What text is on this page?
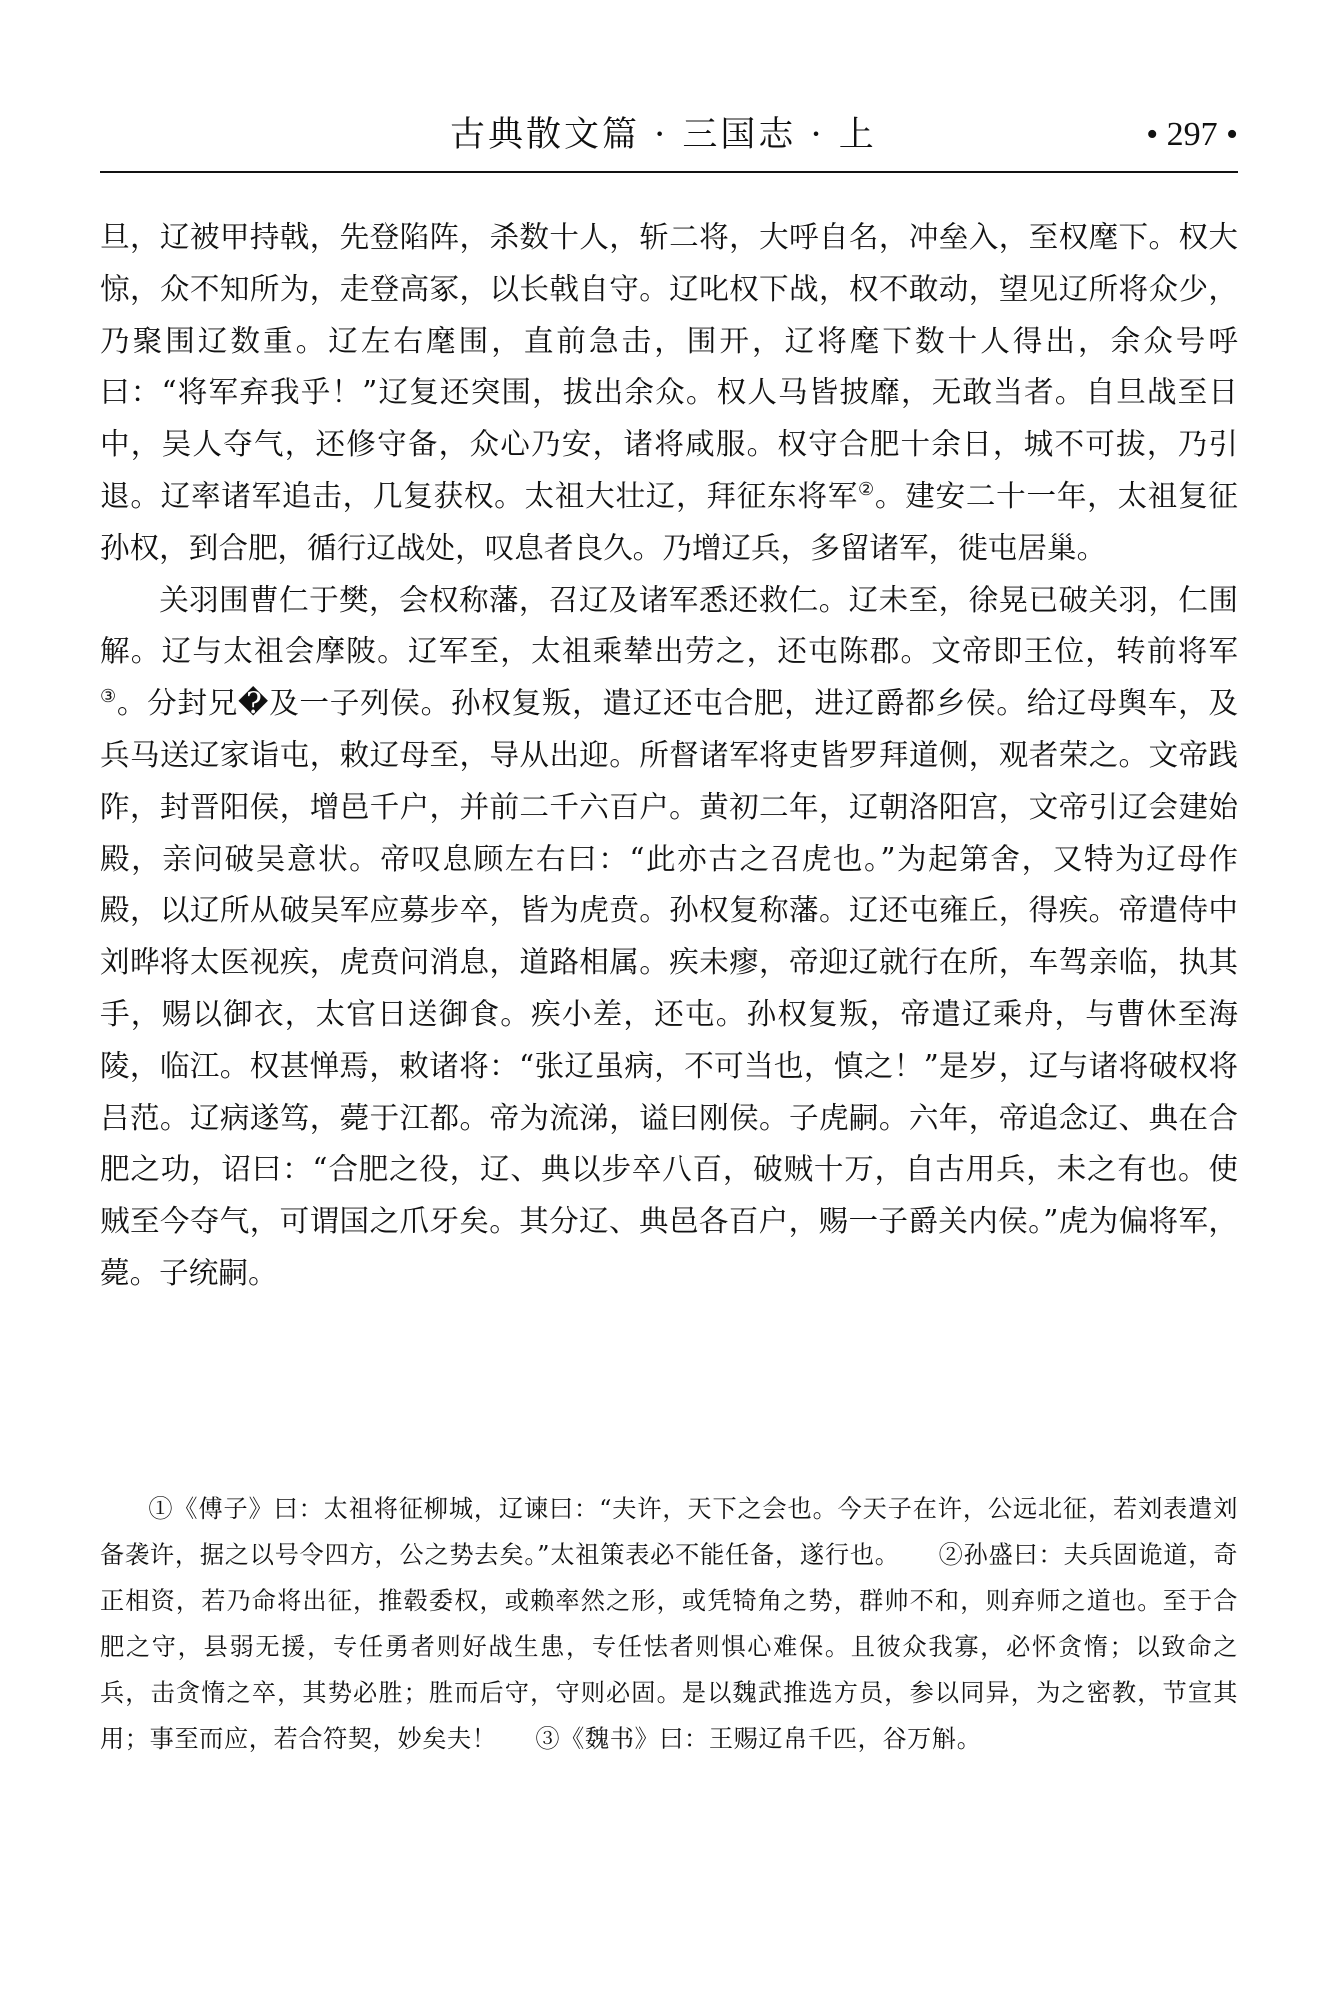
古典散文篇 · 三国志 · 上	• 297 •

旦，辽被甲持戟，先登陷阵，杀数十人，斩二将，大呼自名，冲垒入，至权麾下。权大惊，众不知所为，走登高冢，以长戟自守。辽叱权下战，权不敢动，望见辽所将众少，乃聚围辽数重。辽左右麾围，直前急击，围开，辽将麾下数十人得出，余众号呼曰：“将军弃我乎！”辽复还突围，拔出余众。权人马皆披靡，无敢当者。自旦战至日中，吴人夺气，还修守备，众心乃安，诸将咸服。权守合肥十余日，城不可拔，乃引退。辽率诸军追击，几复获权。太祖大壮辽，拜征东将军②。建安二十一年，太祖复征孙权，到合肥，循行辽战处，叹息者良久。乃增辽兵，多留诸军，徙屯居巢。

关羽围曹仁于樊，会权称藩，召辽及诸军悉还救仁。辽未至，徐晃已破关羽，仁围解。辽与太祖会摩陂。辽军至，太祖乘辇出劳之，还屯陈郡。文帝即王位，转前将军③。分封兄�及一子列侯。孙权复叛，遣辽还屯合肥，进辽爵都乡侯。给辽母舆车，及兵马送辽家诣屯，敕辽母至，导从出迎。所督诸军将吏皆罗拜道侧，观者荣之。文帝践阼，封晋阳侯，增邑千户，并前二千六百户。黄初二年，辽朝洛阳宫，文帝引辽会建始殿，亲问破吴意状。帝叹息顾左右曰：“此亦古之召虎也。”为起第舍，又特为辽母作殿，以辽所从破吴军应募步卒，皆为虎贲。孙权复称藩。辽还屯雍丘，得疾。帝遣侍中刘晔将太医视疾，虎贲问消息，道路相属。疾未瘳，帝迎辽就行在所，车驾亲临，执其手，赐以御衣，太官日送御食。疾小差，还屯。孙权复叛，帝遣辽乘舟，与曹休至海陵，临江。权甚惮焉，敕诸将：“张辽虽病，不可当也，慎之！”是岁，辽与诸将破权将吕范。辽病遂笃，薨于江都。帝为流涕，谥曰刚侯。子虎嗣。六年，帝追念辽、典在合肥之功，诏曰：“合肥之役，辽、典以步卒八百，破贼十万，自古用兵，未之有也。使贼至今夺气，可谓国之爪牙矣。其分辽、典邑各百户，赐一子爵关内侯。”虎为偏将军，薨。子统嗣。

①《傅子》曰：太祖将征柳城，辽谏曰：“夫许，天下之会也。今天子在许，公远北征，若刘表遣刘备袭许，据之以号令四方，公之势去矣。”太祖策表必不能任备，遂行也。 ②孙盛曰：夫兵固诡道，奇正相资，若乃命将出征，推毂委权，或赖率然之形，或凭犄角之势，群帅不和，则弃师之道也。至于合肥之守，县弱无援，专任勇者则好战生患，专任怯者则惧心难保。且彼众我寡，必怀贪惰；以致命之兵，击贪惰之卒，其势必胜；胜而后守，守则必固。是以魏武推选方员，参以同异，为之密教，节宣其用；事至而应，若合符契，妙矣夫！ ③《魏书》曰：王赐辽帛千匹，谷万斛。
